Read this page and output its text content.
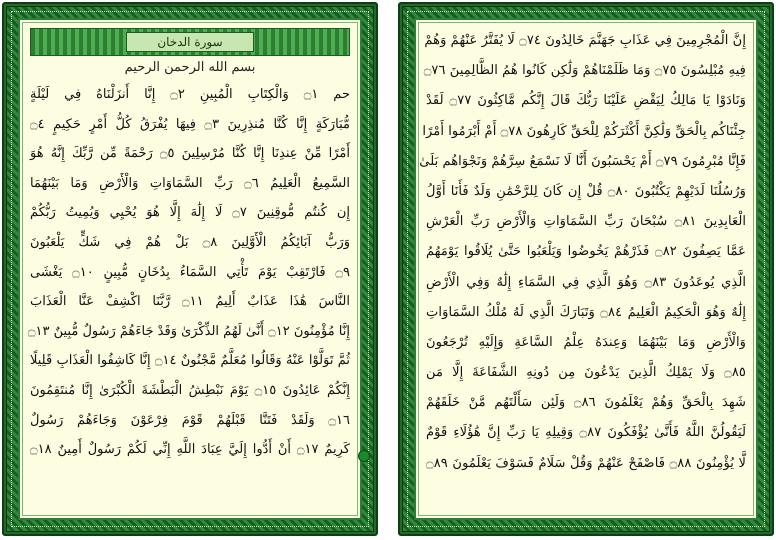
سورة الدخان
بسم الله الرحمن الرحيم
حم ۝١ وَالْكِتَابِ الْمُبِينِ ۝٢ إِنَّا أَنزَلْنَاهُ فِي لَيْلَةٍ
مُّبَارَكَةٍ إِنَّا كُنَّا مُنذِرِينَ ۝٣ فِيهَا يُفْرَقُ كُلُّ أَمْرٍ حَكِيمٍ ۝٤
أَمْرًا مِّنْ عِندِنَا إِنَّا كُنَّا مُرْسِلِينَ ۝٥ رَحْمَةً مِّن رَّبِّكَ إِنَّهُ هُوَ
السَّمِيعُ الْعَلِيمُ ۝٦ رَبِّ السَّمَاوَاتِ وَالْأَرْضِ وَمَا بَيْنَهُمَا
إِن كُنتُم مُّوقِنِينَ ۝٧ لَا إِلَٰهَ إِلَّا هُوَ يُحْيِي وَيُمِيتُ رَبُّكُمْ
وَرَبُّ آبَائِكُمُ الْأَوَّلِينَ ۝٨ بَلْ هُمْ فِي شَكٍّ يَلْعَبُونَ
۝٩ فَارْتَقِبْ يَوْمَ تَأْتِي السَّمَاءُ بِدُخَانٍ مُّبِينٍ ۝١٠ يَغْشَى
النَّاسَ هَٰذَا عَذَابٌ أَلِيمٌ ۝١١ رَّبَّنَا اكْشِفْ عَنَّا الْعَذَابَ
إِنَّا مُؤْمِنُونَ ۝١٢ أَنَّىٰ لَهُمُ الذِّكْرَىٰ وَقَدْ جَاءَهُمْ رَسُولٌ مُّبِينٌ ۝١٣
ثُمَّ تَوَلَّوْا عَنْهُ وَقَالُوا مُعَلَّمٌ مَّجْنُونٌ ۝١٤ إِنَّا كَاشِفُوا الْعَذَابِ قَلِيلًا
إِنَّكُمْ عَائِدُونَ ۝١٥ يَوْمَ نَبْطِشُ الْبَطْشَةَ الْكُبْرَىٰ إِنَّا مُنتَقِمُونَ
۝١٦ وَلَقَدْ فَتَنَّا قَبْلَهُمْ قَوْمَ فِرْعَوْنَ وَجَاءَهُمْ رَسُولٌ
كَرِيمٌ ۝١٧ أَنْ أَدُّوا إِلَيَّ عِبَادَ اللَّهِ إِنِّي لَكُمْ رَسُولٌ أَمِينٌ ۝١٨
إِنَّ الْمُجْرِمِينَ فِي عَذَابِ جَهَنَّمَ خَالِدُونَ ۝٧٤ لَا يُفَتَّرُ عَنْهُمْ وَهُمْ
فِيهِ مُبْلِسُونَ ۝٧٥ وَمَا ظَلَمْنَاهُمْ وَلَٰكِن كَانُوا هُمُ الظَّالِمِينَ ۝٧٦
وَنَادَوْا يَا مَالِكُ لِيَقْضِ عَلَيْنَا رَبُّكَ قَالَ إِنَّكُم مَّاكِثُونَ ۝٧٧ لَقَدْ
جِئْنَاكُم بِالْحَقِّ وَلَٰكِنَّ أَكْثَرَكُمْ لِلْحَقِّ كَارِهُونَ ۝٧٨ أَمْ أَبْرَمُوا أَمْرًا
فَإِنَّا مُبْرِمُونَ ۝٧٩ أَمْ يَحْسَبُونَ أَنَّا لَا نَسْمَعُ سِرَّهُمْ وَنَجْوَاهُم بَلَىٰ
وَرُسُلُنَا لَدَيْهِمْ يَكْتُبُونَ ۝٨٠ قُلْ إِن كَانَ لِلرَّحْمَٰنِ وَلَدٌ فَأَنَا أَوَّلُ
الْعَابِدِينَ ۝٨١ سُبْحَانَ رَبِّ السَّمَاوَاتِ وَالْأَرْضِ رَبِّ الْعَرْشِ
عَمَّا يَصِفُونَ ۝٨٢ فَذَرْهُمْ يَخُوضُوا وَيَلْعَبُوا حَتَّىٰ يُلَاقُوا يَوْمَهُمُ
الَّذِي يُوعَدُونَ ۝٨٣ وَهُوَ الَّذِي فِي السَّمَاءِ إِلَٰهٌ وَفِي الْأَرْضِ
إِلَٰهٌ وَهُوَ الْحَكِيمُ الْعَلِيمُ ۝٨٤ وَتَبَارَكَ الَّذِي لَهُ مُلْكُ السَّمَاوَاتِ
وَالْأَرْضِ وَمَا بَيْنَهُمَا وَعِندَهُ عِلْمُ السَّاعَةِ وَإِلَيْهِ تُرْجَعُونَ
۝٨٥ وَلَا يَمْلِكُ الَّذِينَ يَدْعُونَ مِن دُونِهِ الشَّفَاعَةَ إِلَّا مَن
شَهِدَ بِالْحَقِّ وَهُمْ يَعْلَمُونَ ۝٨٦ وَلَئِن سَأَلْتَهُم مَّنْ خَلَقَهُمْ
لَيَقُولُنَّ اللَّهُ فَأَنَّىٰ يُؤْفَكُونَ ۝٨٧ وَقِيلِهِ يَا رَبِّ إِنَّ هَٰؤُلَاءِ قَوْمٌ
لَّا يُؤْمِنُونَ ۝٨٨ فَاصْفَحْ عَنْهُمْ وَقُلْ سَلَامٌ فَسَوْفَ يَعْلَمُونَ ۝٨٩
